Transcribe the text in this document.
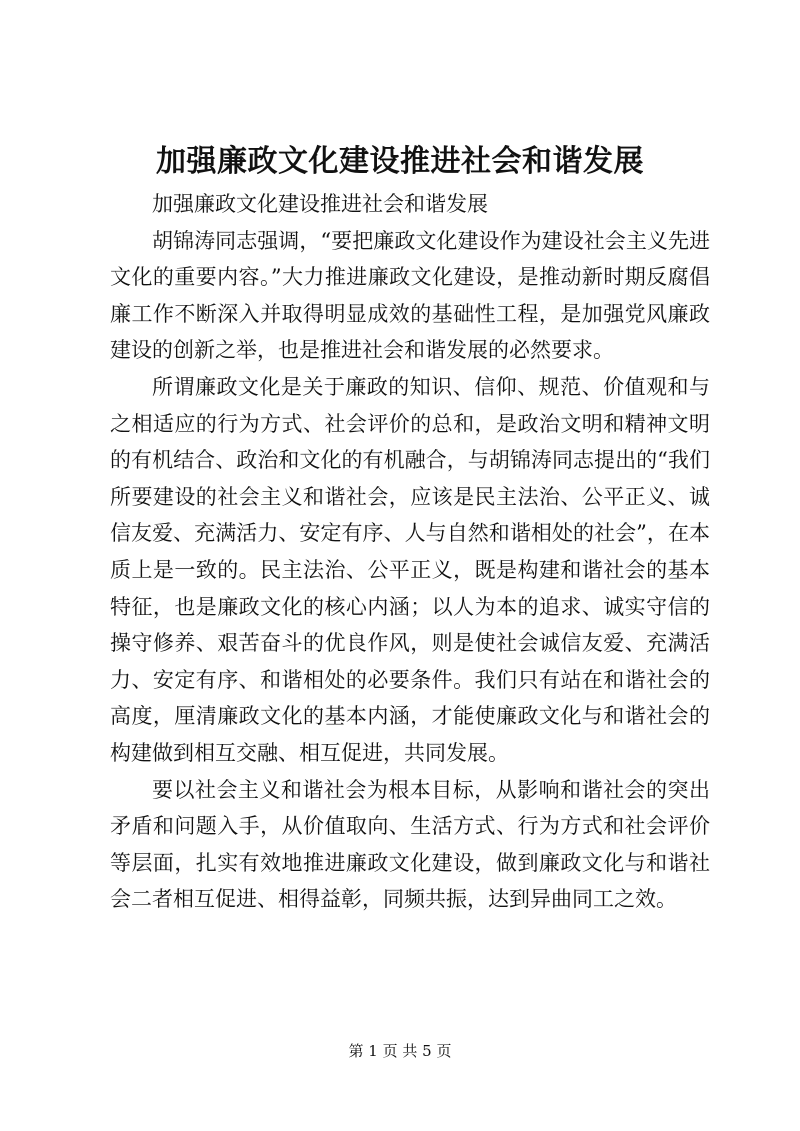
加强廉政文化建设推进社会和谐发展

加强廉政文化建设推进社会和谐发展

胡锦涛同志强调，“要把廉政文化建设作为建设社会主义先进文化的重要内容。”大力推进廉政文化建设，是推动新时期反腐倡廉工作不断深入并取得明显成效的基础性工程，是加强党风廉政建设的创新之举，也是推进社会和谐发展的必然要求。

所谓廉政文化是关于廉政的知识、信仰、规范、价值观和与之相适应的行为方式、社会评价的总和，是政治文明和精神文明的有机结合、政治和文化的有机融合，与胡锦涛同志提出的“我们所要建设的社会主义和谐社会，应该是民主法治、公平正义、诚信友爱、充满活力、安定有序、人与自然和谐相处的社会”，在本质上是一致的。民主法治、公平正义，既是构建和谐社会的基本特征，也是廉政文化的核心内涵；以人为本的追求、诚实守信的操守修养、艰苦奋斗的优良作风，则是使社会诚信友爱、充满活力、安定有序、和谐相处的必要条件。我们只有站在和谐社会的高度，厘清廉政文化的基本内涵，才能使廉政文化与和谐社会的构建做到相互交融、相互促进，共同发展。

要以社会主义和谐社会为根本目标，从影响和谐社会的突出矛盾和问题入手，从价值取向、生活方式、行为方式和社会评价等层面，扎实有效地推进廉政文化建设，做到廉政文化与和谐社会二者相互促进、相得益彰，同频共振，达到异曲同工之效。

第 1 页 共 5 页
